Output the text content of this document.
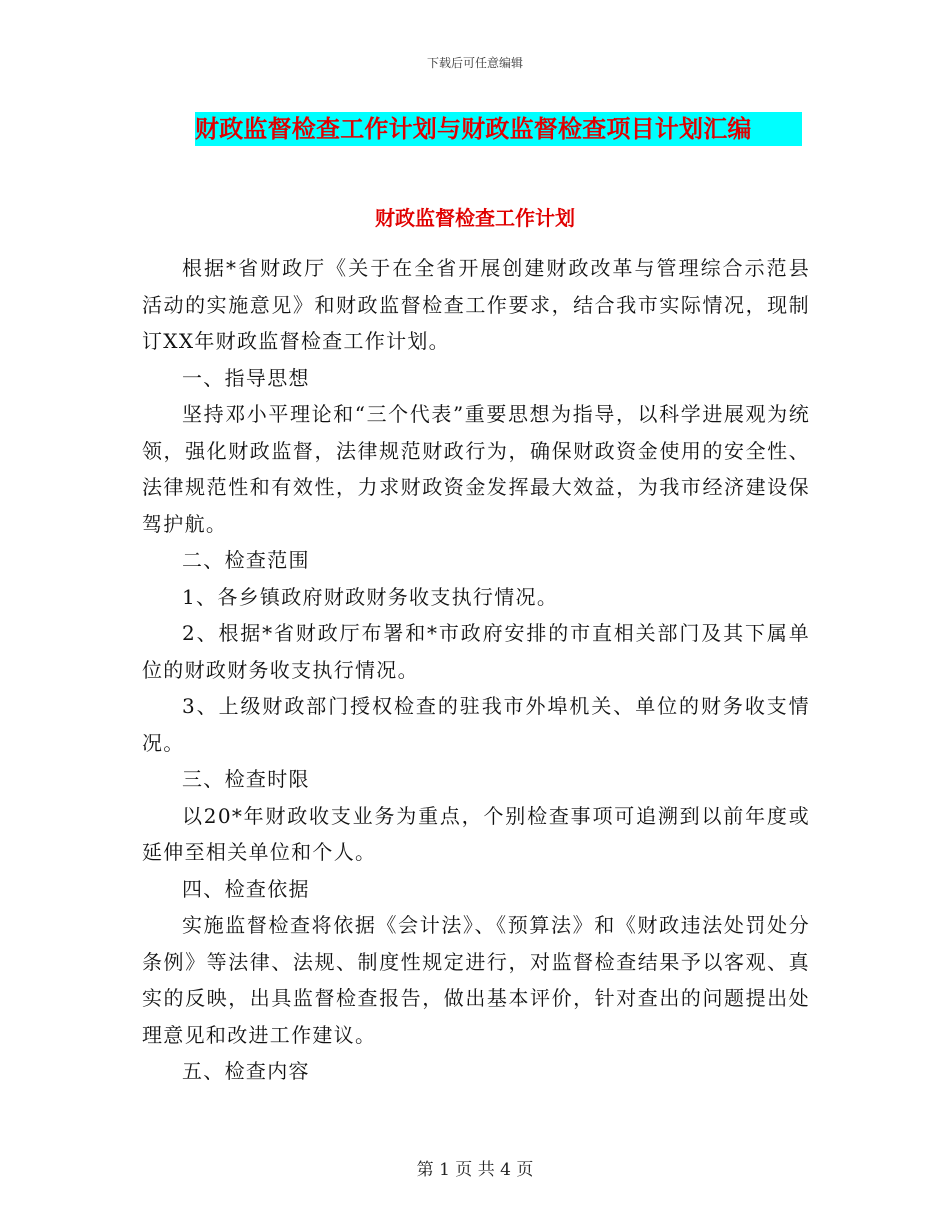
下载后可任意编辑
财政监督检查工作计划与财政监督检查项目计划汇编
财政监督检查工作计划

根据*省财政厅《关于在全省开展创建财政改革与管理综合示范县活动的实施意见》和财政监督检查工作要求，结合我市实际情况，现制订XX年财政监督检查工作计划。

一、指导思想

坚持邓小平理论和“三个代表”重要思想为指导，以科学进展观为统领，强化财政监督，法律规范财政行为，确保财政资金使用的安全性、法律规范性和有效性，力求财政资金发挥最大效益，为我市经济建设保驾护航。

二、检查范围

1、各乡镇政府财政财务收支执行情况。

2、根据*省财政厅布署和*市政府安排的市直相关部门及其下属单位的财政财务收支执行情况。

3、上级财政部门授权检查的驻我市外埠机关、单位的财务收支情况。

三、检查时限

以20*年财政收支业务为重点，个别检查事项可追溯到以前年度或延伸至相关单位和个人。

四、检查依据

实施监督检查将依据《会计法》、《预算法》和《财政违法处罚处分条例》等法律、法规、制度性规定进行，对监督检查结果予以客观、真实的反映，出具监督检查报告，做出基本评价，针对查出的问题提出处理意见和改进工作建议。

五、检查内容

第 1 页 共 4 页
